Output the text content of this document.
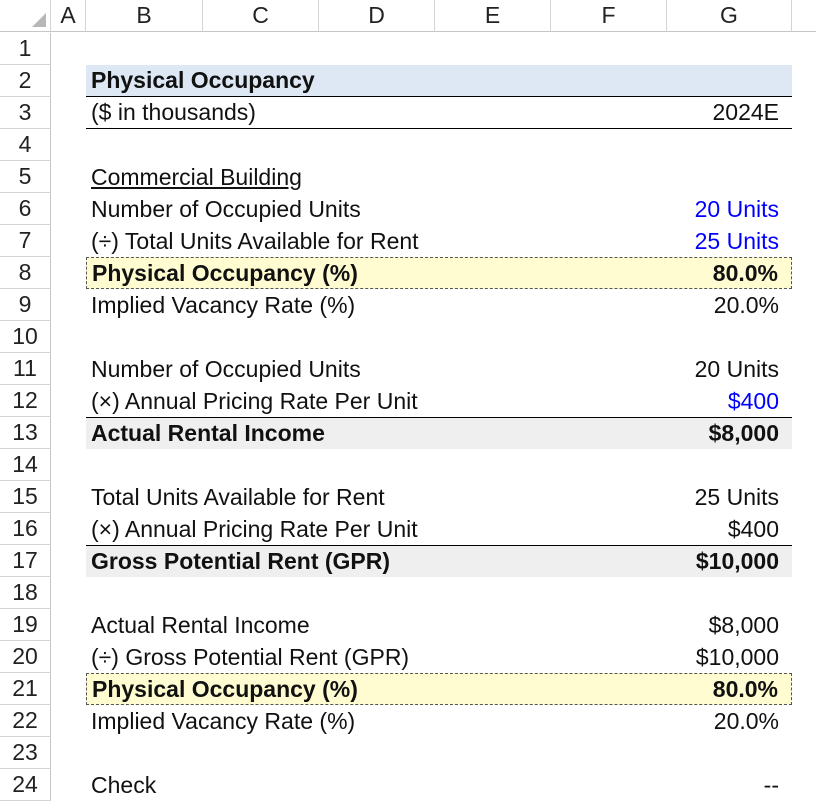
A	B	C	D	E	F	G
1
2	Physical Occupancy
3	($ in thousands)	2024E
4
5	Commercial Building
6	Number of Occupied Units	20 Units
7	(÷) Total Units Available for Rent	25 Units
8	Physical Occupancy (%)	80.0%
9	Implied Vacancy Rate (%)	20.0%
10
11	Number of Occupied Units	20 Units
12	(×) Annual Pricing Rate Per Unit	$400
13	Actual Rental Income	$8,000
14
15	Total Units Available for Rent	25 Units
16	(×) Annual Pricing Rate Per Unit	$400
17	Gross Potential Rent (GPR)	$10,000
18
19	Actual Rental Income	$8,000
20	(÷) Gross Potential Rent (GPR)	$10,000
21	Physical Occupancy (%)	80.0%
22	Implied Vacancy Rate (%)	20.0%
23
24	Check	--
